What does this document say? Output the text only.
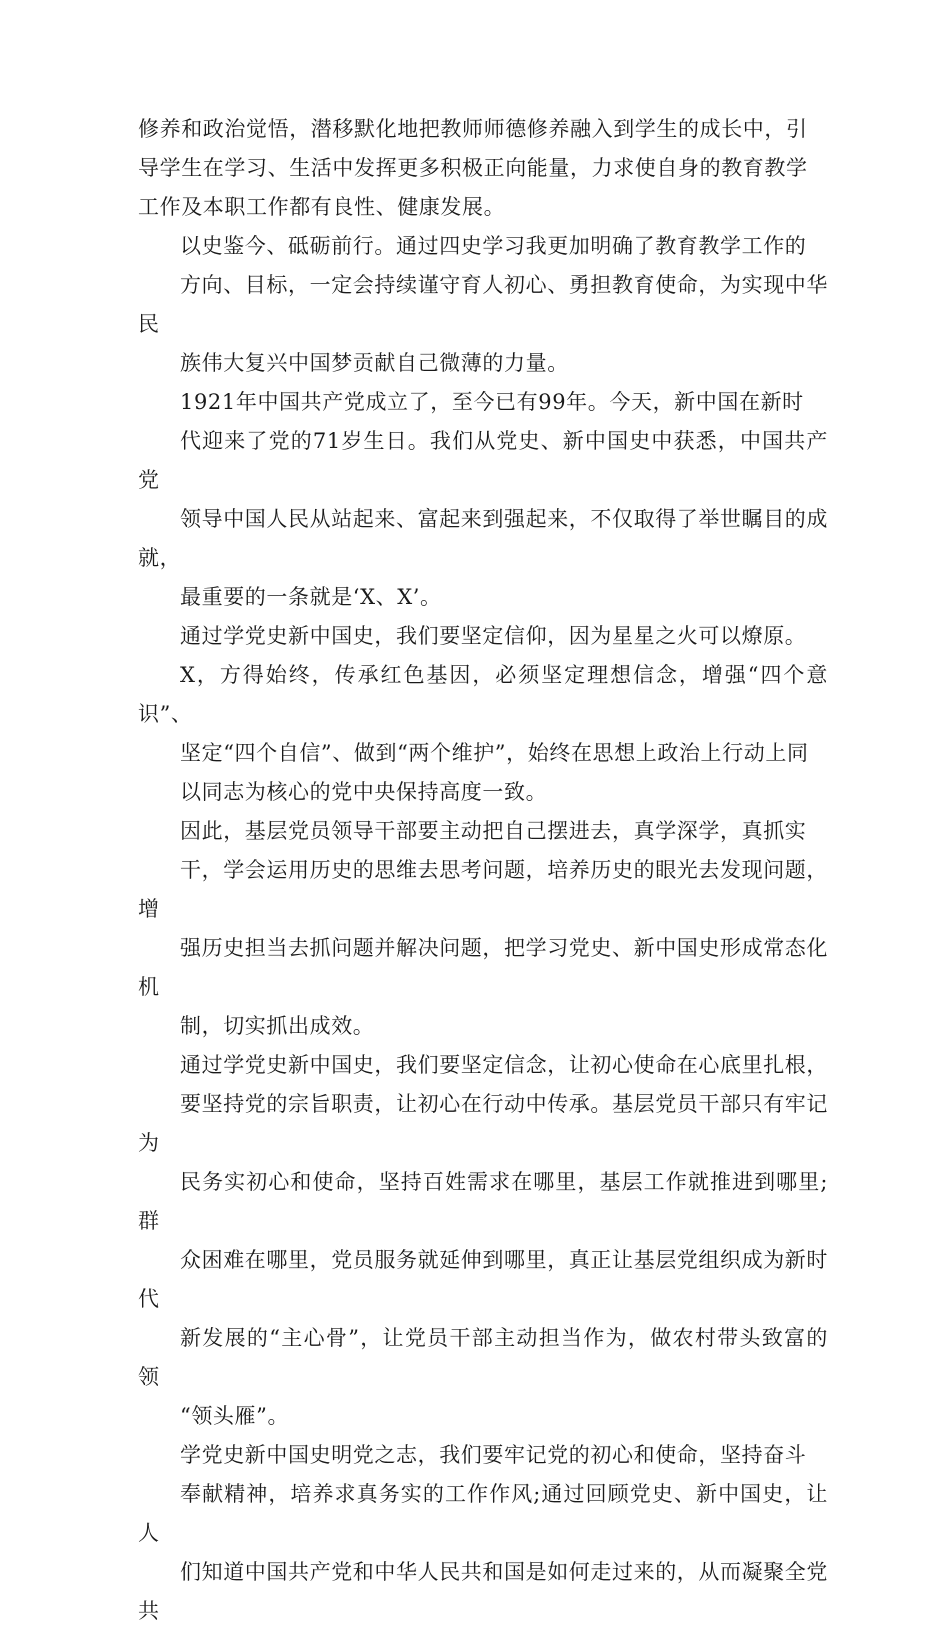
修养和政治觉悟，潜移默化地把教师师德修养融入到学生的成长中，引
导学生在学习、生活中发挥更多积极正向能量，力求使自身的教育教学
工作及本职工作都有良性、健康发展。

以史鉴今、砥砺前行。通过四史学习我更加明确了教育教学工作的
方向、目标，一定会持续谨守育人初心、勇担教育使命，为实现中华民
族伟大复兴中国梦贡献自己微薄的力量。

1921年中国共产党成立了，至今已有99年。今天，新中国在新时
代迎来了党的71岁生日。我们从党史、新中国史中获悉，中国共产党
领导中国人民从站起来、富起来到强起来，不仅取得了举世瞩目的成就，
最重要的一条就是‘X、X’。

通过学党史新中国史，我们要坚定信仰，因为星星之火可以燎原。
X，方得始终，传承红色基因，必须坚定理想信念，增强“四个意识”、
坚定“四个自信”、做到“两个维护”，始终在思想上政治上行动上同
以同志为核心的党中央保持高度一致。

因此，基层党员领导干部要主动把自己摆进去，真学深学，真抓实
干，学会运用历史的思维去思考问题，培养历史的眼光去发现问题，增
强历史担当去抓问题并解决问题，把学习党史、新中国史形成常态化机
制，切实抓出成效。

通过学党史新中国史，我们要坚定信念，让初心使命在心底里扎根，
要坚持党的宗旨职责，让初心在行动中传承。基层党员干部只有牢记为
民务实初心和使命，坚持百姓需求在哪里，基层工作就推进到哪里;群
众困难在哪里，党员服务就延伸到哪里，真正让基层党组织成为新时代
新发展的“主心骨”，让党员干部主动担当作为，做农村带头致富的领
“领头雁”。

学党史新中国史明党之志，我们要牢记党的初心和使命，坚持奋斗
奉献精神，培养求真务实的工作作风;通过回顾党史、新中国史，让人
们知道中国共产党和中华人民共和国是如何走过来的，从而凝聚全党共
